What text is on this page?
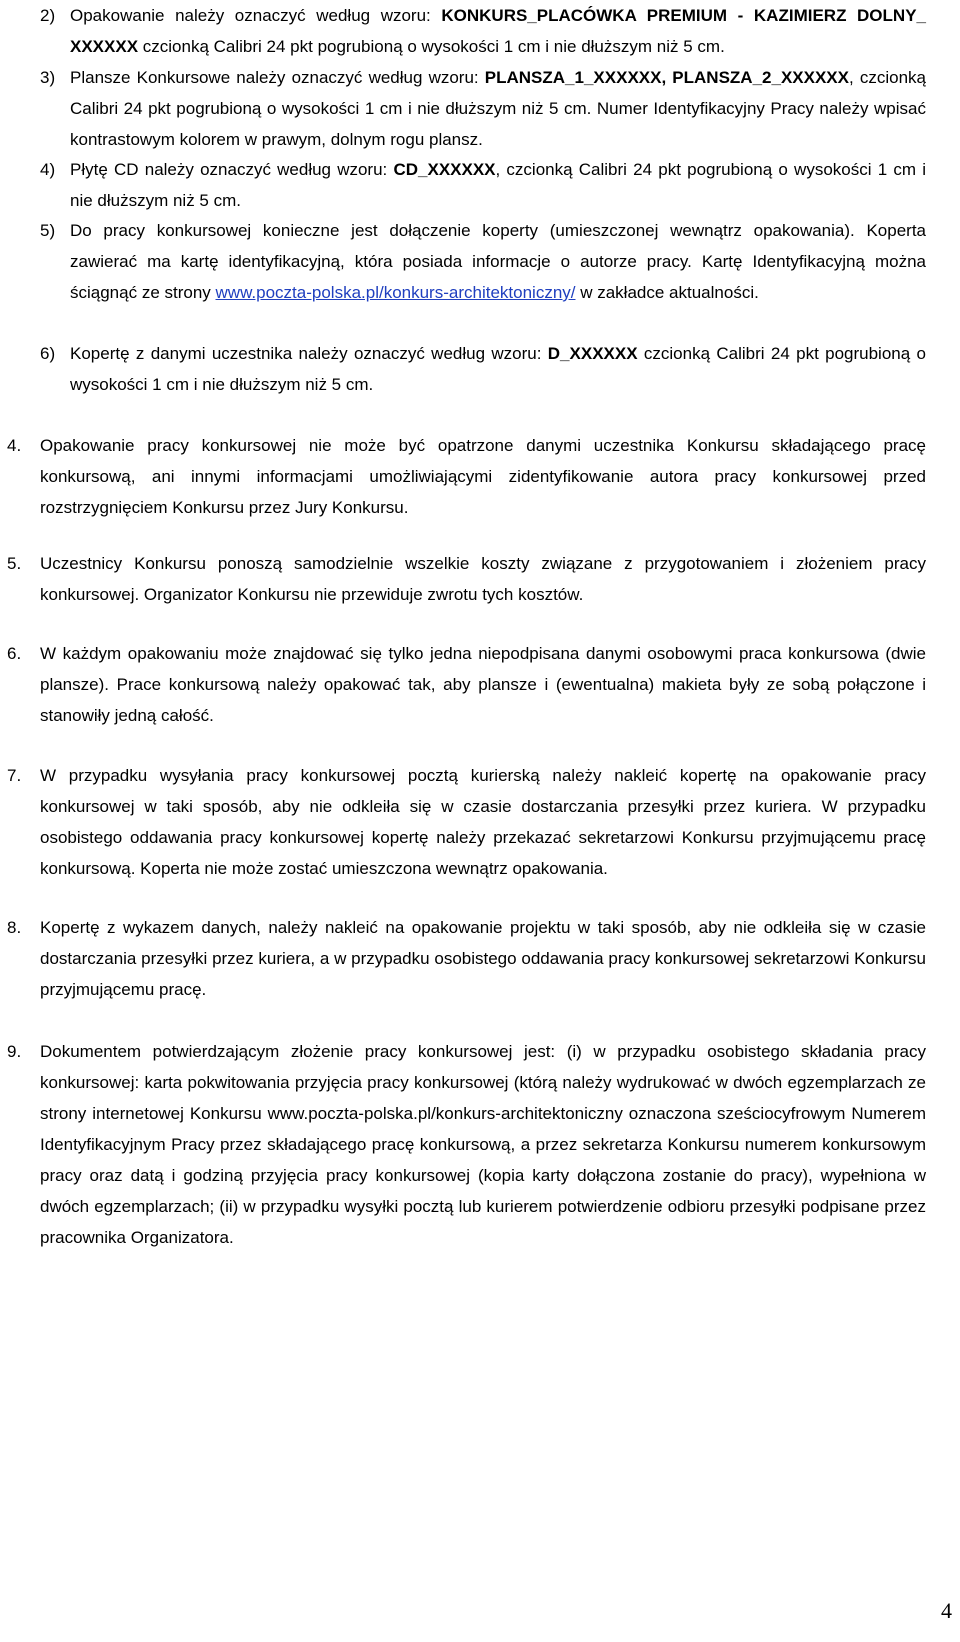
2) Opakowanie należy oznaczyć według wzoru: KONKURS_PLACÓWKA PREMIUM - KAZIMIERZ DOLNY_ XXXXXX czcionką Calibri 24 pkt pogrubioną o wysokości 1 cm i nie dłuższym niż 5 cm.
3) Plansze Konkursowe należy oznaczyć według wzoru: PLANSZA_1_XXXXXX, PLANSZA_2_XXXXXX, czcionką Calibri 24 pkt pogrubioną o wysokości 1 cm i nie dłuższym niż 5 cm. Numer Identyfikacyjny Pracy należy wpisać kontrastowym kolorem w prawym, dolnym rogu plansz.
4) Płytę CD należy oznaczyć według wzoru: CD_XXXXXX, czcionką Calibri 24 pkt pogrubioną o wysokości 1 cm i nie dłuższym niż 5 cm.
5) Do pracy konkursowej konieczne jest dołączenie koperty (umieszczonej wewnątrz opakowania). Koperta zawierać ma kartę identyfikacyjną, która posiada informacje o autorze pracy. Kartę Identyfikacyjną można ściągnąć ze strony www.poczta-polska.pl/konkurs-architektoniczny/ w zakładce aktualności.
6) Kopertę z danymi uczestnika należy oznaczyć według wzoru: D_XXXXXX czcionką Calibri 24 pkt pogrubioną o wysokości 1 cm i nie dłuższym niż 5 cm.
4.	Opakowanie pracy konkursowej nie może być opatrzone danymi uczestnika Konkursu składającego pracę konkursową, ani innymi informacjami umożliwiającymi zidentyfikowanie autora pracy konkursowej przed rozstrzygnięciem Konkursu przez Jury Konkursu.
5.	Uczestnicy Konkursu ponoszą samodzielnie wszelkie koszty związane z przygotowaniem i złożeniem pracy konkursowej. Organizator Konkursu nie przewiduje zwrotu tych kosztów.
6.	W każdym opakowaniu może znajdować się tylko jedna niepodpisana danymi osobowymi praca konkursowa (dwie plansze). Prace konkursową należy opakować tak, aby plansze i (ewentualna) makieta były ze sobą połączone i stanowiły jedną całość.
7.	W przypadku wysyłania pracy konkursowej pocztą kurierską należy nakleić kopertę na opakowanie pracy konkursowej w taki sposób, aby nie odkleiła się w czasie dostarczania przesyłki przez kuriera. W przypadku osobistego oddawania pracy konkursowej kopertę należy przekazać sekretarzowi Konkursu przyjmującemu pracę konkursową. Koperta nie może zostać umieszczona wewnątrz opakowania.
8.	Kopertę z wykazem danych, należy nakleić na opakowanie projektu w taki sposób, aby nie odkleiła się w czasie dostarczania przesyłki przez kuriera, a w przypadku osobistego oddawania pracy konkursowej sekretarzowi Konkursu przyjmującemu pracę.
9.	Dokumentem potwierdzającym złożenie pracy konkursowej jest: (i) w przypadku osobistego składania pracy konkursowej: karta pokwitowania przyjęcia pracy konkursowej (którą należy wydrukować w dwóch egzemplarzach ze strony internetowej Konkursu www.poczta-polska.pl/konkurs-architektoniczny oznaczona sześciocyfrowym Numerem Identyfikacyjnym Pracy przez składającego pracę konkursową, a przez sekretarza Konkursu numerem konkursowym pracy oraz datą i godziną przyjęcia pracy konkursowej (kopia karty dołączona zostanie do pracy), wypełniona w dwóch egzemplarzach; (ii) w przypadku wysyłki pocztą lub kurierem potwierdzenie odbioru przesyłki podpisane przez pracownika Organizatora.
4
